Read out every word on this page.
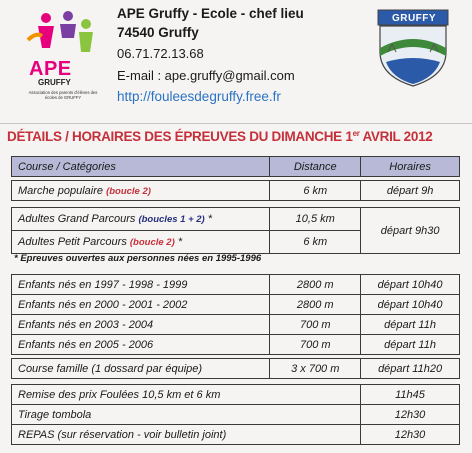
APE
GRUFFY
Association des parents d'élèves des écoles de GRUFFY
APE Gruffy - Ecole - chef lieu
74540 Gruffy
06.71.72.13.68
E-mail : ape.gruffy@gmail.com
http://fouleesdegruffy.free.fr
GRUFFY
DÉTAILS / HORAIRES DES ÉPREUVES DU DIMANCHE 1er AVRIL 2012
Course / Catégories	Distance	Horaires
Marche populaire (boucle 2)	6 km	départ 9h
Adultes Grand Parcours (boucles 1 + 2) *	10,5 km	départ 9h30
Adultes Petit Parcours (boucle 2) *	6 km	
* Epreuves ouvertes aux personnes nées en 1995-1996
Enfants nés en 1997 - 1998 - 1999	2800 m	départ 10h40
Enfants nés en 2000 - 2001 - 2002	2800 m	départ 10h40
Enfants nés en 2003 - 2004	700 m	départ 11h
Enfants nés en 2005 - 2006	700 m	départ 11h
Course famille (1 dossard par équipe)	3 x 700 m	départ 11h20
Remise des prix Foulées 10,5 km et 6 km	11h45
Tirage tombola	12h30
REPAS (sur réservation - voir bulletin joint)	12h30
